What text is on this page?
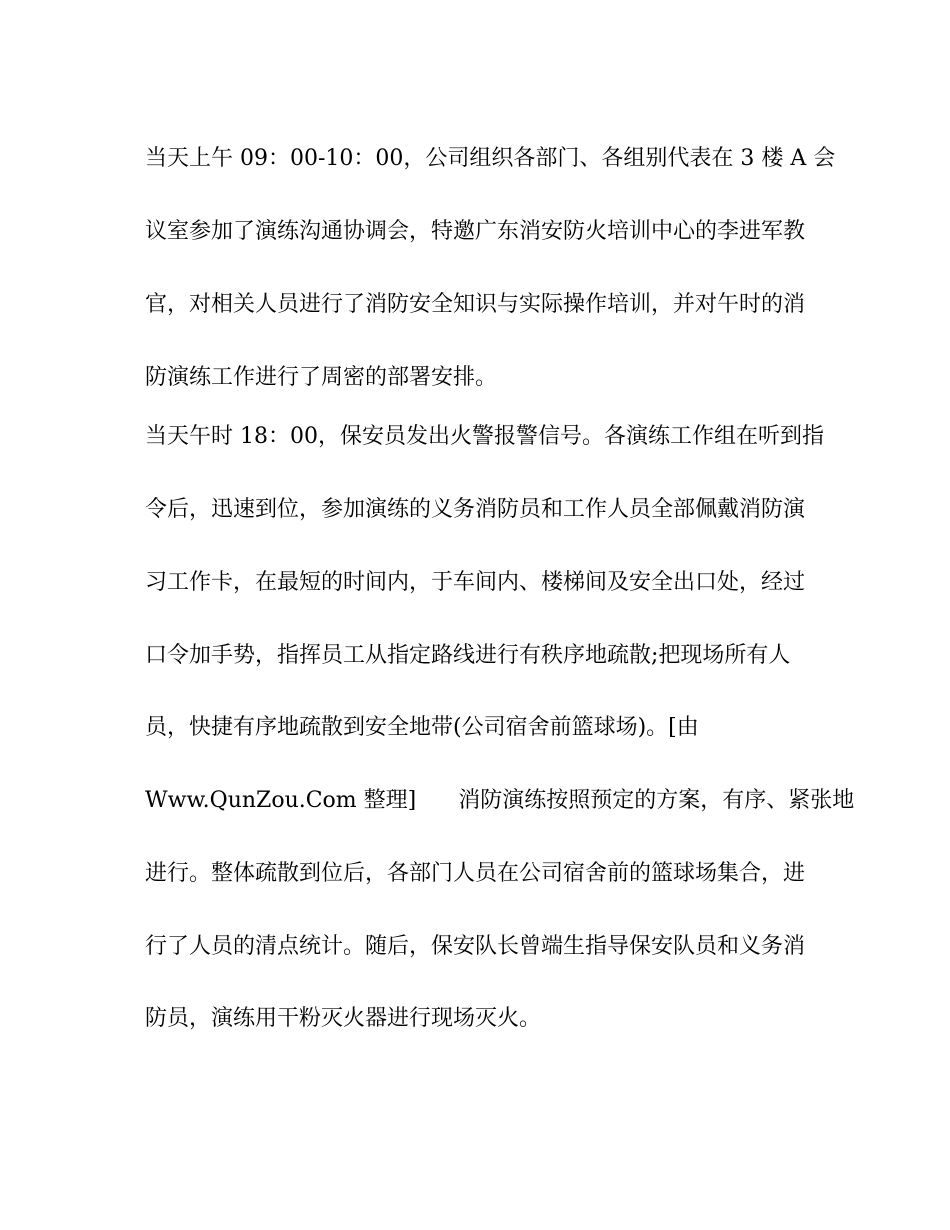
当天上午 09：00-10：00，公司组织各部门、各组别代表在 3 楼 A 会
议室参加了演练沟通协调会，特邀广东消安防火培训中心的李进军教
官，对相关人员进行了消防安全知识与实际操作培训，并对午时的消
防演练工作进行了周密的部署安排。
当天午时 18：00，保安员发出火警报警信号。各演练工作组在听到指
令后，迅速到位，参加演练的义务消防员和工作人员全部佩戴消防演
习工作卡，在最短的时间内，于车间内、楼梯间及安全出口处，经过
口令加手势，指挥员工从指定路线进行有秩序地疏散;把现场所有人
员，快捷有序地疏散到安全地带(公司宿舍前篮球场)。[由
Www.QunZou.Com 整理]      消防演练按照预定的方案，有序、紧张地
进行。整体疏散到位后，各部门人员在公司宿舍前的篮球场集合，进
行了人员的清点统计。随后，保安队长曾端生指导保安队员和义务消
防员，演练用干粉灭火器进行现场灭火。
